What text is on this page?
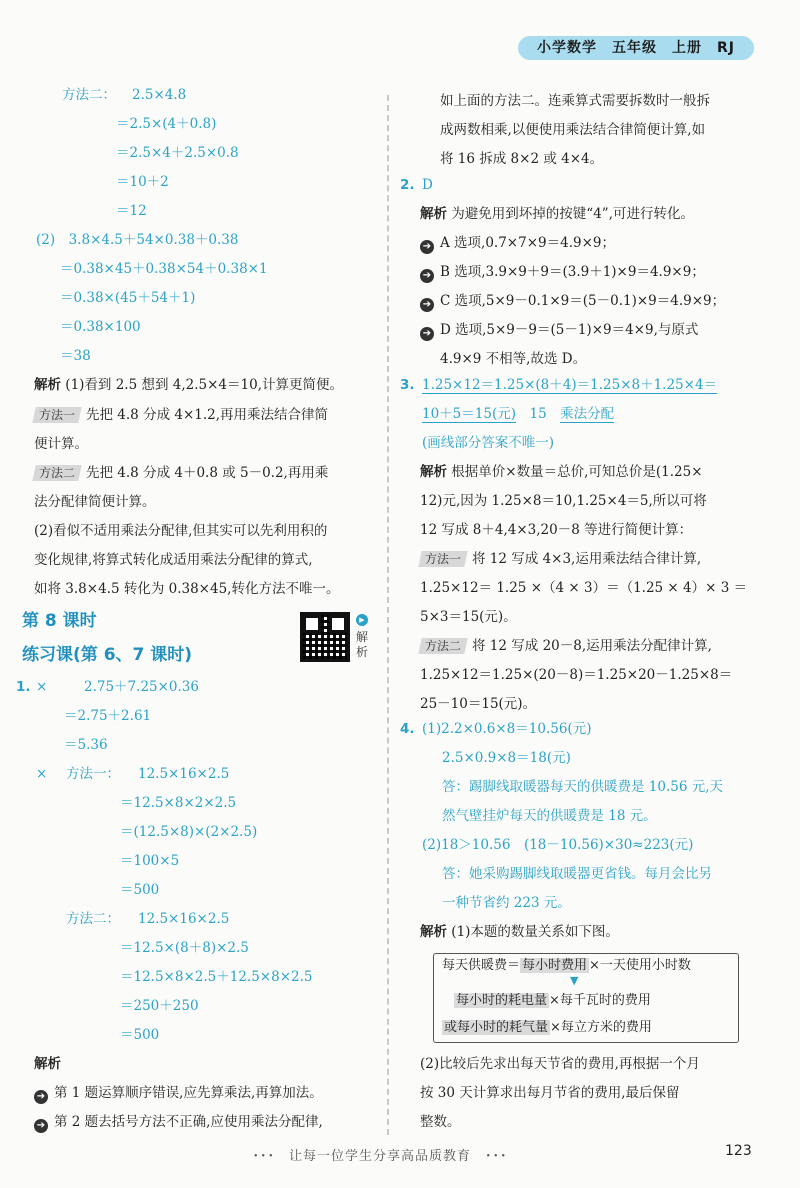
小学数学　五年级　上册　RJ
方法二： 2.5×4.8
＝2.5×(4＋0.8)
＝2.5×4＋2.5×0.8
＝10＋2
＝12
(2)　3.8×4.5＋54×0.38＋0.38
＝0.38×45＋0.38×54＋0.38×1
＝0.38×(45＋54＋1)
＝0.38×100
＝38
解析 (1)看到 2.5 想到 4,2.5×4＝10,计算更简便。
方法一 先把 4.8 分成 4×1.2,再用乘法结合律简
便计算。
方法二 先把 4.8 分成 4＋0.8 或 5－0.2,再用乘
法分配律简便计算。
(2)看似不适用乘法分配律,但其实可以先利用积的
变化规律,将算式转化成适用乘法分配律的算式,
如将 3.8×4.5 转化为 0.38×45,转化方法不唯一。
第 8 课时
练习课(第 6、7 课时)
▶
解析
1. ×	2.75＋7.25×0.36
＝2.75＋2.61
＝5.36
× 方法一： 12.5×16×2.5
＝12.5×8×2×2.5
＝(12.5×8)×(2×2.5)
＝100×5
＝500
方法二： 12.5×16×2.5
＝12.5×(8＋8)×2.5
＝12.5×8×2.5＋12.5×8×2.5
＝250＋250
＝500
解析
➔ 第 1 题运算顺序错误,应先算乘法,再算加法。
➔ 第 2 题去括号方法不正确,应使用乘法分配律,
如上面的方法二。连乘算式需要拆数时一般拆
成两数相乘,以便使用乘法结合律简便计算,如
将 16 拆成 8×2 或 4×4。
2. D
解析 为避免用到坏掉的按键“4”,可进行转化。
➔ A 选项,0.7×7×9＝4.9×9；
➔ B 选项,3.9×9＋9＝(3.9＋1)×9＝4.9×9；
➔ C 选项,5×9－0.1×9＝(5－0.1)×9＝4.9×9；
➔ D 选项,5×9－9＝(5－1)×9＝4×9,与原式
4.9×9 不相等,故选 D。
3. 1.25×12＝1.25×(8＋4)＝1.25×8＋1.25×4＝
10＋5＝15(元)　 15　 乘法分配
(画线部分答案不唯一)
解析 根据单价×数量＝总价,可知总价是(1.25×
12)元,因为 1.25×8＝10,1.25×4＝5,所以可将
12 写成 8＋4,4×3,20－8 等进行简便计算：
方法一 将 12 写成 4×3,运用乘法结合律计算,
1.25×12＝ 1.25 ×（4 × 3）＝（1.25 × 4）× 3 ＝
5×3＝15(元)。
方法二 将 12 写成 20－8,运用乘法分配律计算,
1.25×12＝1.25×(20－8)＝1.25×20－1.25×8＝
25－10＝15(元)。
4. (1)2.2×0.6×8＝10.56(元)
2.5×0.9×8＝18(元)
答：踢脚线取暖器每天的供暖费是 10.56 元,天
然气壁挂炉每天的供暖费是 18 元。
(2)18＞10.56　(18－10.56)×30≈223(元)
答：她采购踢脚线取暖器更省钱。每月会比另
一种节省约 223 元。
解析 (1)本题的数量关系如下图。
每天供暖费＝ 每小时费用 ×一天使用小时数
每小时的耗电量 ×每千瓦时的费用
或每小时的耗气量 ×每立方米的费用
▼
(2)比较后先求出每天节省的费用,再根据一个月
按 30 天计算求出每月节省的费用,最后保留
整数。
･･･　让每一位学生分享高品质教育　･･･	123
